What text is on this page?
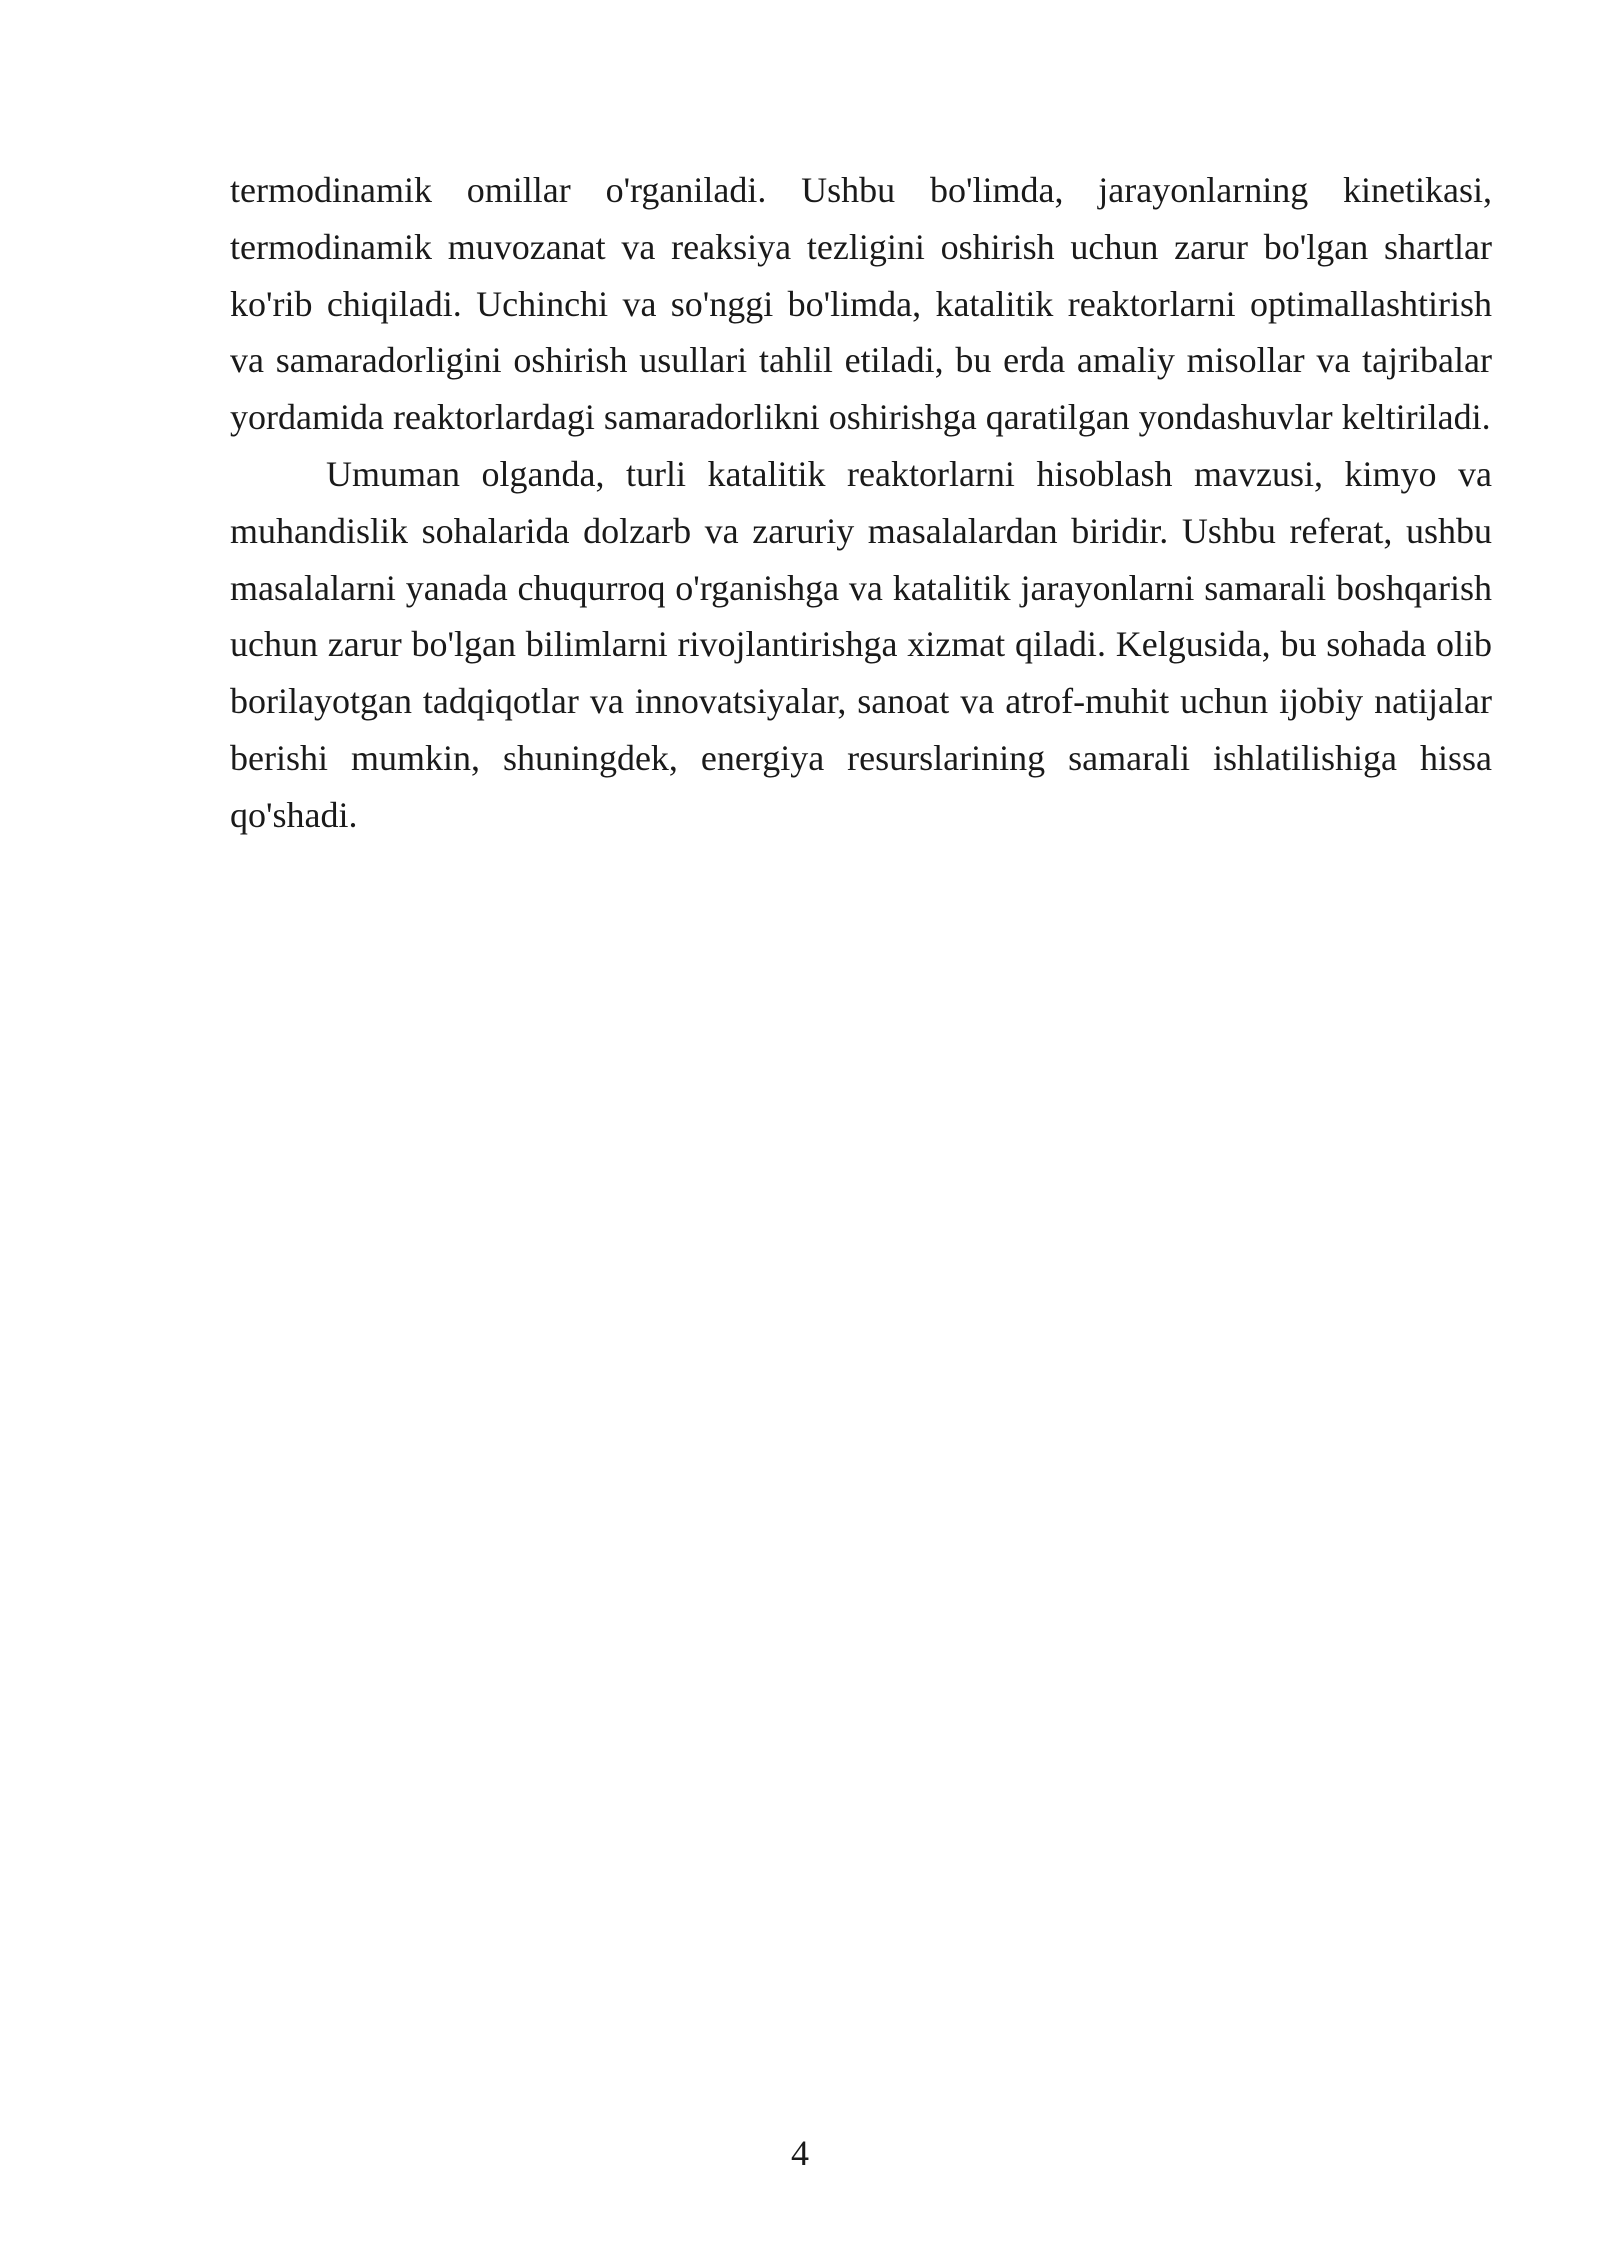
termodinamik omillar o'rganiladi. Ushbu bo'limda, jarayonlarning kinetikasi, termodinamik muvozanat va reaksiya tezligini oshirish uchun zarur bo'lgan shartlar ko'rib chiqiladi. Uchinchi va so'nggi bo'limda, katalitik reaktorlarni optimallashtirish va samaradorligini oshirish usullari tahlil etiladi, bu erda amaliy misollar va tajribalar yordamida reaktorlardagi samaradorlikni oshirishga qaratilgan yondashuvlar keltiriladi.

Umuman olganda, turli katalitik reaktorlarni hisoblash mavzusi, kimyo va muhandislik sohalarida dolzarb va zaruriy masalalardan biridir. Ushbu referat, ushbu masalalarni yanada chuqurroq o'rganishga va katalitik jarayonlarni samarali boshqarish uchun zarur bo'lgan bilimlarni rivojlantirishga xizmat qiladi. Kelgusida, bu sohada olib borilayotgan tadqiqotlar va innovatsiyalar, sanoat va atrof-muhit uchun ijobiy natijalar berishi mumkin, shuningdek, energiya resurslarining samarali ishlatilishiga hissa qo'shadi.

4
